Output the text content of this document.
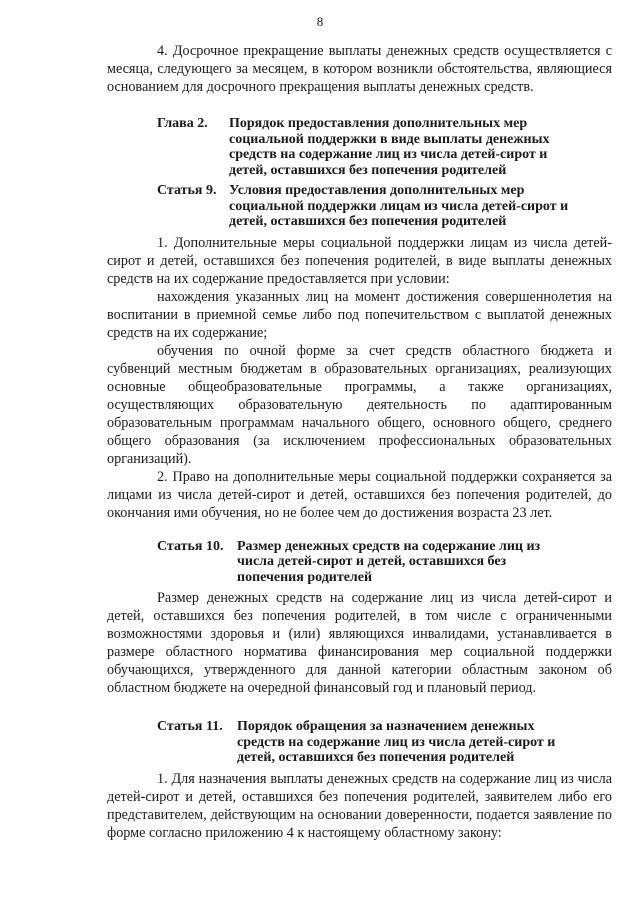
8

4. Досрочное прекращение выплаты денежных средств осуществляется с месяца, следующего за месяцем, в котором возникли обстоятельства, являющиеся основанием для досрочного прекращения выплаты денежных средств.

Глава 2.	Порядок предоставления дополнительных мер социальной поддержки в виде выплаты денежных средств на содержание лиц из числа детей-сирот и детей, оставшихся без попечения родителей
Статья 9. Условия предоставления дополнительных мер социальной поддержки лицам из числа детей-сирот и детей, оставшихся без попечения родителей

1. Дополнительные меры социальной поддержки лицам из числа детей-сирот и детей, оставшихся без попечения родителей, в виде выплаты денежных средств на их содержание предоставляется при условии:

нахождения указанных лиц на момент достижения совершеннолетия на воспитании в приемной семье либо под попечительством с выплатой денежных средств на их содержание;

обучения по очной форме за счет средств областного бюджета и субвенций местным бюджетам в образовательных организациях, реализующих основные общеобразовательные программы, а также организациях, осуществляющих образовательную деятельность по адаптированным образовательным программам начального общего, основного общего, среднего общего образования (за исключением профессиональных образовательных организаций).

2. Право на дополнительные меры социальной поддержки сохраняется за лицами из числа детей-сирот и детей, оставшихся без попечения родителей, до окончания ими обучения, но не более чем до достижения возраста 23 лет.

Статья 10. Размер денежных средств на содержание лиц из числа детей-сирот и детей, оставшихся без попечения родителей

Размер денежных средств на содержание лиц из числа детей-сирот и детей, оставшихся без попечения родителей, в том числе с ограниченными возможностями здоровья и (или) являющихся инвалидами, устанавливается в размере областного норматива финансирования мер социальной поддержки обучающихся, утвержденного для данной категории областным законом об областном бюджете на очередной финансовый год и плановый период.

Статья 11.	Порядок обращения за назначением денежных средств на содержание лиц из числа детей-сирот и детей, оставшихся без попечения родителей

1. Для назначения выплаты денежных средств на содержание лиц из числа детей-сирот и детей, оставшихся без попечения родителей, заявителем либо его представителем, действующим на основании доверенности, подается заявление по форме согласно приложению 4 к настоящему областному закону:
